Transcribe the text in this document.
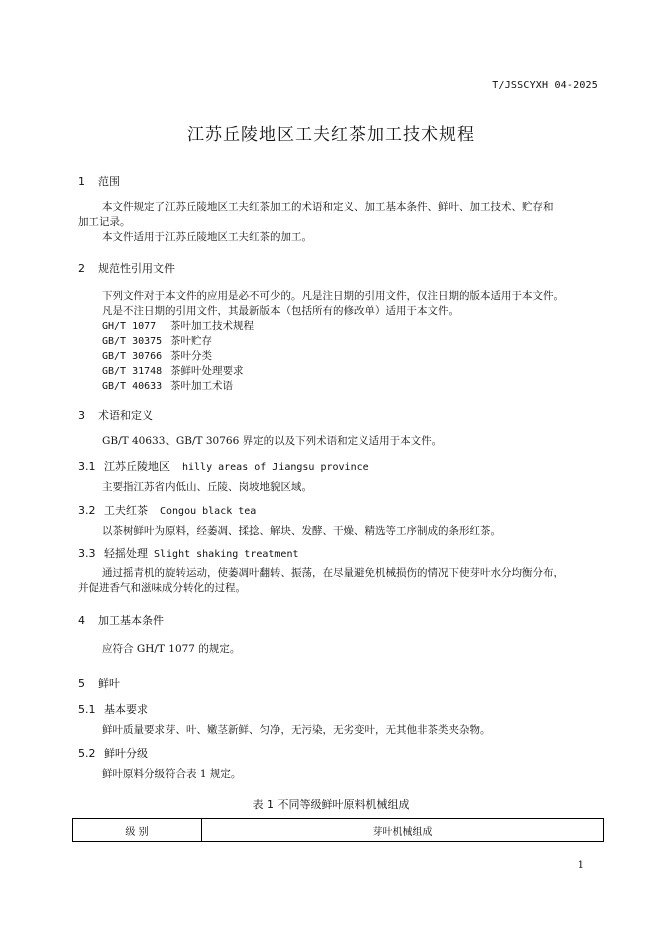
T/JSSCYXH 04-2025
江苏丘陵地区工夫红茶加工技术规程
1 范围
本文件规定了江苏丘陵地区工夫红茶加工的术语和定义、加工基本条件、鲜叶、加工技术、贮存和
加工记录。
本文件适用于江苏丘陵地区工夫红茶的加工。
2 规范性引用文件
下列文件对于本文件的应用是必不可少的。凡是注日期的引用文件，仅注日期的版本适用于本文件。
凡是不注日期的引用文件，其最新版本（包括所有的修改单）适用于本文件。
GH/T 1077 茶叶加工技术规程
GB/T 30375 茶叶贮存
GB/T 30766 茶叶分类
GB/T 31748 茶鲜叶处理要求
GB/T 40633 茶叶加工术语
3 术语和定义
GB/T 40633、GB/T 30766 界定的以及下列术语和定义适用于本文件。
3.1 江苏丘陵地区 hilly areas of Jiangsu province
主要指江苏省内低山、丘陵、岗坡地貌区域。
3.2 工夫红茶 Congou black tea
以茶树鲜叶为原料，经萎凋、揉捻、解块、发酵、干燥、精选等工序制成的条形红茶。
3.3 轻摇处理 Slight shaking treatment
通过摇青机的旋转运动，使萎凋叶翻转、振荡，在尽量避免机械损伤的情况下使芽叶水分均衡分布，
并促进香气和滋味成分转化的过程。
4 加工基本条件
应符合 GH/T 1077 的规定。
5 鲜叶
5.1 基本要求
鲜叶质量要求芽、叶、嫩茎新鲜、匀净，无污染，无劣变叶，无其他非茶类夹杂物。
5.2 鲜叶分级
鲜叶原料分级符合表 1 规定。
表 1 不同等级鲜叶原料机械组成
级 别	芽叶机械组成
1
